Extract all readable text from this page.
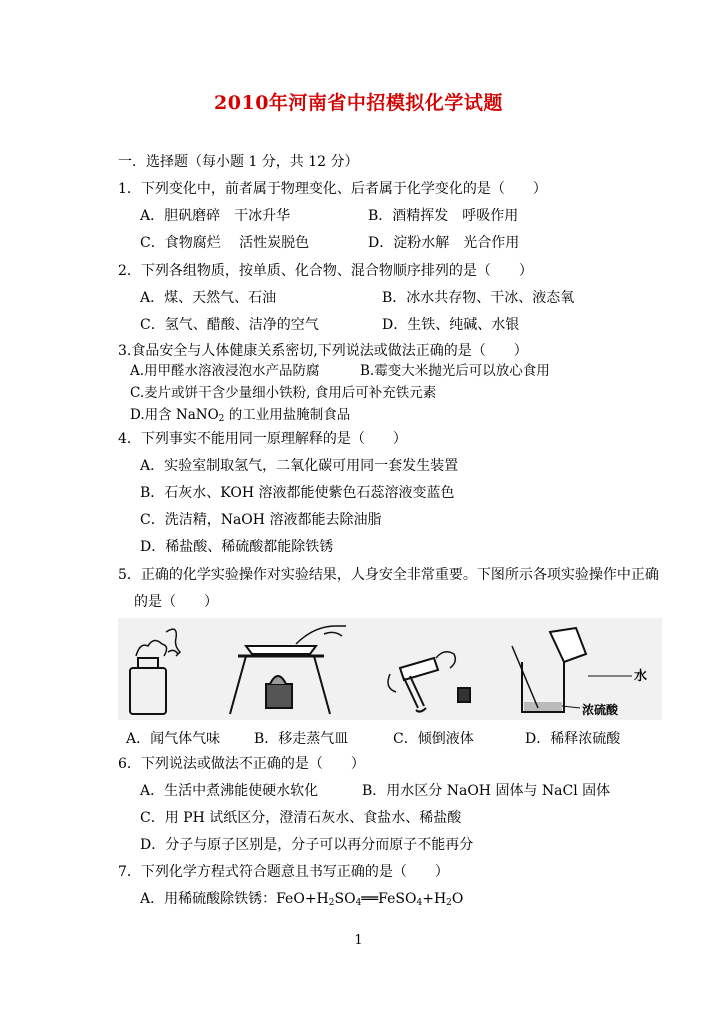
2010年河南省中招模拟化学试题
一．选择题（每小题 1 分，共 12 分）
1．下列变化中，前者属于物理变化、后者属于化学变化的是（　　）
A．胆矾磨碎　干冰升华	B．酒精挥发　呼吸作用
C．食物腐烂　 活性炭脱色	D．淀粉水解　光合作用
2．下列各组物质，按单质、化合物、混合物顺序排列的是（　　）
A．煤、天然气、石油	B．冰水共存物、干冰、液态氧
C．氢气、醋酸、洁净的空气	D．生铁、纯碱、水银
3.食品安全与人体健康关系密切,下列说法或做法正确的是（　　）
A.用甲醛水溶液浸泡水产品防腐	B.霉变大米抛光后可以放心食用
C.麦片或饼干含少量细小铁粉, 食用后可补充铁元素
D.用含 NaNO$_2$ 的工业用盐腌制食品
4．下列事实不能用同一原理解释的是（　　）
A．实验室制取氢气，二氧化碳可用同一套发生装置
B．石灰水、KOH 溶液都能使紫色石蕊溶液变蓝色
C．洗洁精，NaOH 溶液都能去除油脂
D．稀盐酸、稀硫酸都能除铁锈
5．正确的化学实验操作对实验结果，人身安全非常重要。下图所示各项实验操作中正确
的是（　　）
水
浓硫酸
A．闻气体气味 B．移走蒸气皿	C．倾倒液体	D．稀释浓硫酸
6．下列说法或做法不正确的是（　　）
A．生活中煮沸能使硬水软化	B．用水区分 NaOH 固体与 NaCl 固体
C．用 PH 试纸区分，澄清石灰水、食盐水、稀盐酸
D．分子与原子区别是，分子可以再分而原子不能再分
7．下列化学方程式符合题意且书写正确的是（　　）
A．用稀硫酸除铁锈：$FeO+H_2SO_4══FeSO_4+H_2O$
1
